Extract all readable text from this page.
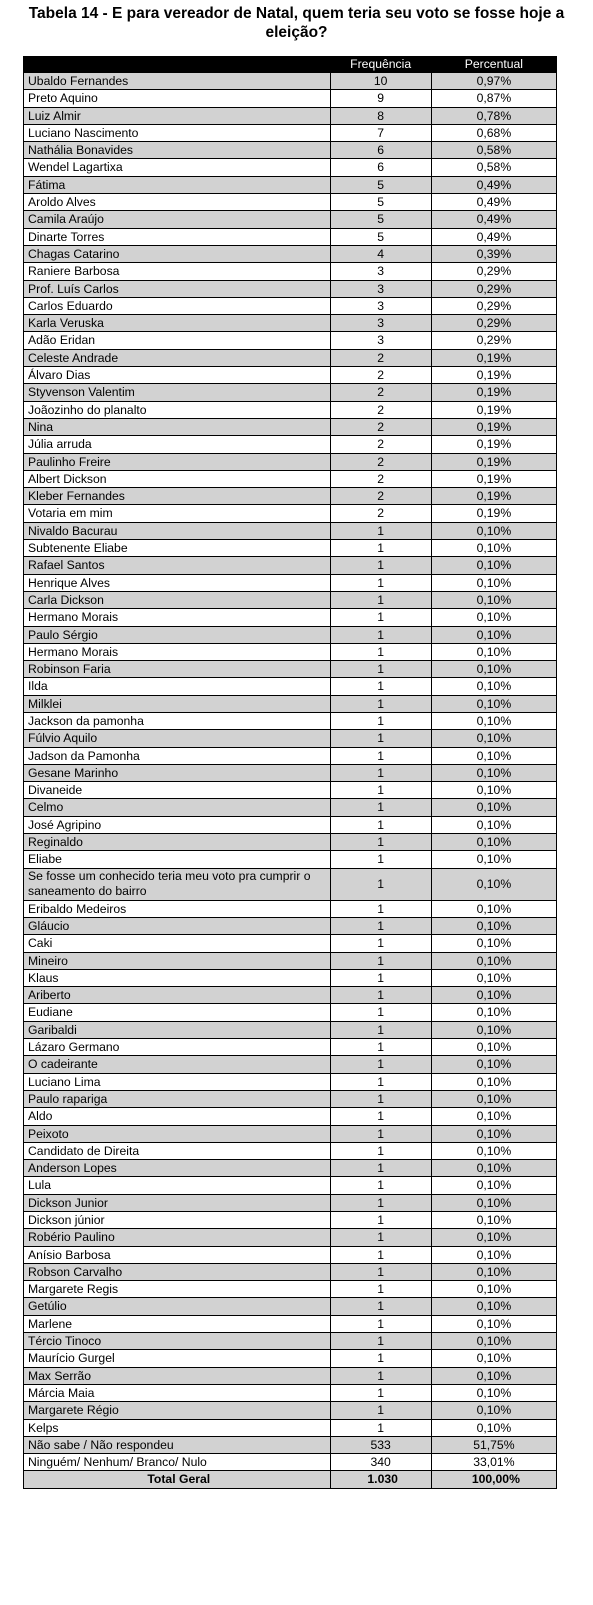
Tabela 14 - E para vereador de Natal, quem teria seu voto se fosse hoje a eleição?
	Frequência	Percentual
Ubaldo Fernandes	10	0,97%
Preto Aquino	9	0,87%
Luiz Almir	8	0,78%
Luciano Nascimento	7	0,68%
Nathália Bonavides	6	0,58%
Wendel Lagartixa	6	0,58%
Fátima	5	0,49%
Aroldo Alves	5	0,49%
Camila Araújo	5	0,49%
Dinarte Torres	5	0,49%
Chagas Catarino	4	0,39%
Raniere Barbosa	3	0,29%
Prof. Luís Carlos	3	0,29%
Carlos Eduardo	3	0,29%
Karla Veruska	3	0,29%
Adão Eridan	3	0,29%
Celeste Andrade	2	0,19%
Álvaro Dias	2	0,19%
Styvenson Valentim	2	0,19%
Joãozinho do planalto	2	0,19%
Nina	2	0,19%
Júlia arruda	2	0,19%
Paulinho Freire	2	0,19%
Albert Dickson	2	0,19%
Kleber Fernandes	2	0,19%
Votaria em mim	2	0,19%
Nivaldo Bacurau	1	0,10%
Subtenente Eliabe	1	0,10%
Rafael Santos	1	0,10%
Henrique Alves	1	0,10%
Carla Dickson	1	0,10%
Hermano Morais	1	0,10%
Paulo Sérgio	1	0,10%
Hermano Morais	1	0,10%
Robinson Faria	1	0,10%
Ilda	1	0,10%
Milklei	1	0,10%
Jackson da pamonha	1	0,10%
Fúlvio Aquilo	1	0,10%
Jadson da Pamonha	1	0,10%
Gesane Marinho	1	0,10%
Divaneide	1	0,10%
Celmo	1	0,10%
José Agripino	1	0,10%
Reginaldo	1	0,10%
Eliabe	1	0,10%
Se fosse um conhecido teria meu voto pra cumprir o saneamento do bairro	1	0,10%
Eribaldo Medeiros	1	0,10%
Gláucio	1	0,10%
Caki	1	0,10%
Mineiro	1	0,10%
Klaus	1	0,10%
Ariberto	1	0,10%
Eudiane	1	0,10%
Garibaldi	1	0,10%
Lázaro Germano	1	0,10%
O cadeirante	1	0,10%
Luciano Lima	1	0,10%
Paulo rapariga	1	0,10%
Aldo	1	0,10%
Peixoto	1	0,10%
Candidato de Direita	1	0,10%
Anderson Lopes	1	0,10%
Lula	1	0,10%
Dickson Junior	1	0,10%
Dickson júnior	1	0,10%
Robério Paulino	1	0,10%
Anísio Barbosa	1	0,10%
Robson Carvalho	1	0,10%
Margarete Regis	1	0,10%
Getúlio	1	0,10%
Marlene	1	0,10%
Tércio Tinoco	1	0,10%
Maurício Gurgel	1	0,10%
Max Serrão	1	0,10%
Márcia Maia	1	0,10%
Margarete Régio	1	0,10%
Kelps	1	0,10%
Não sabe / Não respondeu	533	51,75%
Ninguém/ Nenhum/ Branco/ Nulo	340	33,01%
Total Geral	1.030	100,00%
